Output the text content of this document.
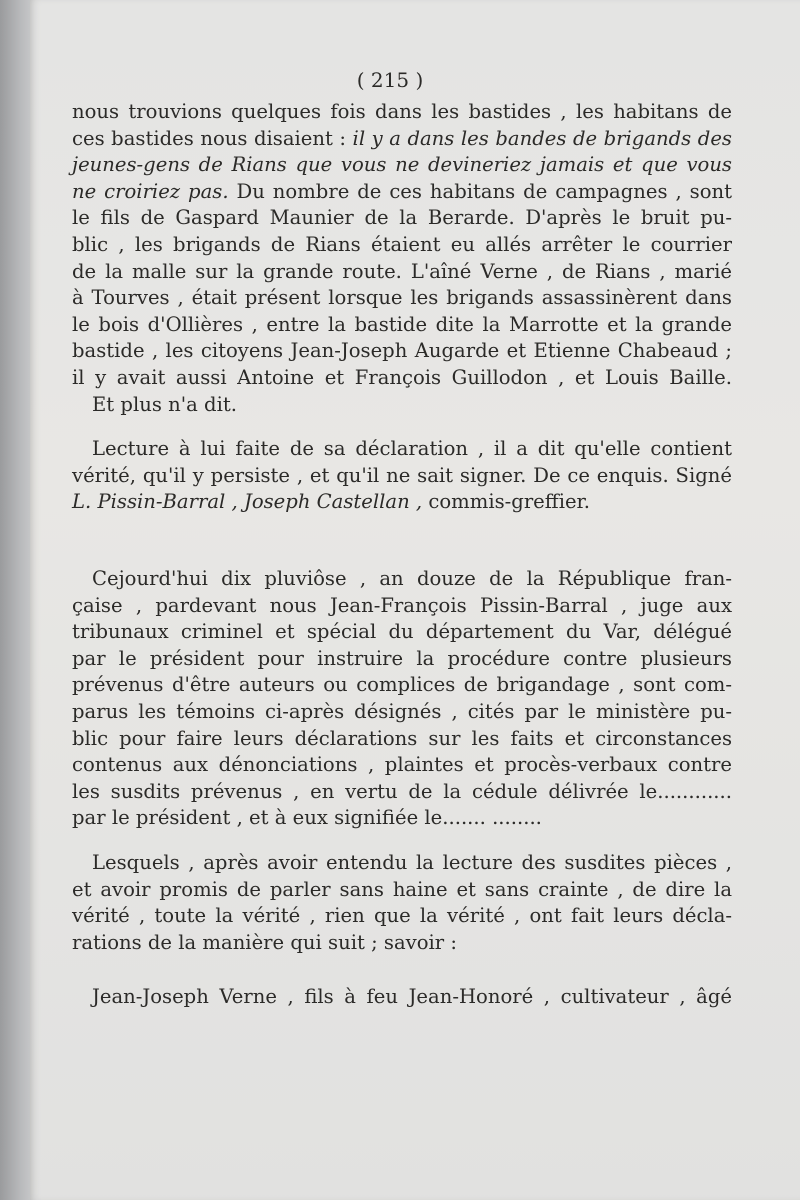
( 215 )
nous trouvions quelques fois dans les bastides , les habitans de
ces bastides nous disaient : il y a dans les bandes de brigands des
jeunes-gens de Rians que vous ne devineriez jamais et que vous
ne croiriez pas. Du nombre de ces habitans de campagnes , sont
le fils de Gaspard Maunier de la Berarde. D'après le bruit pu-
blic , les brigands de Rians étaient eu allés arrêter le courrier
de la malle sur la grande route. L'aîné Verne , de Rians , marié
à Tourves , était présent lorsque les brigands assassinèrent dans
le bois d'Ollières , entre la bastide dite la Marrotte et la grande
bastide , les citoyens Jean-Joseph Augarde et Etienne Chabeaud ;
il y avait aussi Antoine et François Guillodon , et Louis Baille.
Et plus n'a dit.
Lecture à lui faite de sa déclaration , il a dit qu'elle contient
vérité, qu'il y persiste , et qu'il ne sait signer. De ce enquis. Signé
L. Pissin-Barral , Joseph Castellan , commis-greffier.
Cejourd'hui dix pluviôse , an douze de la République fran-
çaise , pardevant nous Jean-François Pissin-Barral , juge aux
tribunaux criminel et spécial du département du Var, délégué
par le président pour instruire la procédure contre plusieurs
prévenus d'être auteurs ou complices de brigandage , sont com-
parus les témoins ci-après désignés , cités par le ministère pu-
blic pour faire leurs déclarations sur les faits et circonstances
contenus aux dénonciations , plaintes et procès-verbaux contre
les susdits prévenus , en vertu de la cédule délivrée le............
par le président , et à eux signifiée le....... ........
Lesquels , après avoir entendu la lecture des susdites pièces ,
et avoir promis de parler sans haine et sans crainte , de dire la
vérité , toute la vérité , rien que la vérité , ont fait leurs décla-
rations de la manière qui suit ; savoir :
Jean-Joseph Verne , fils à feu Jean-Honoré , cultivateur , âgé
